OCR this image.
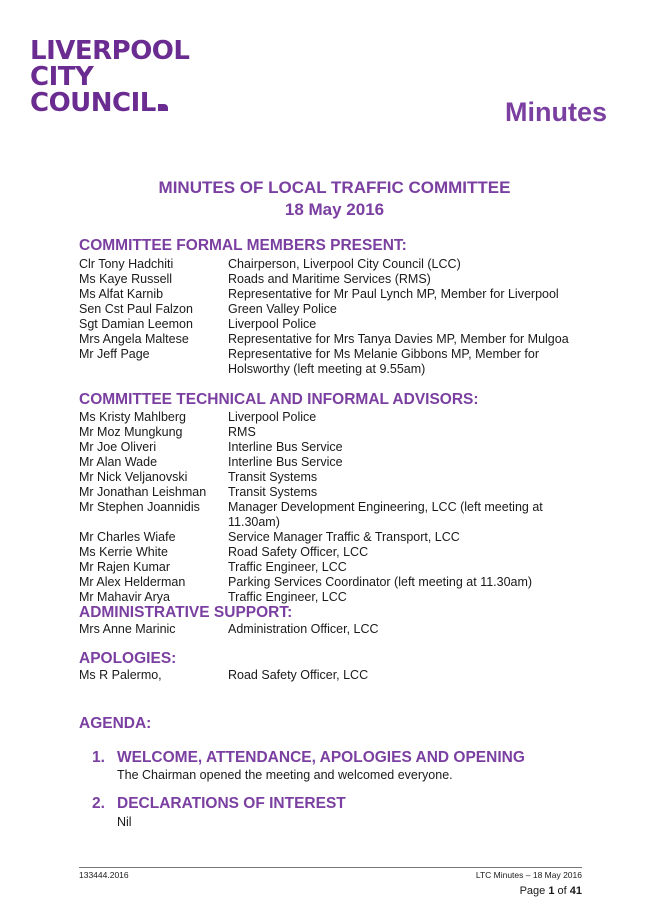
LIVERPOOL
CITY
COUNCIL	Minutes
MINUTES OF LOCAL TRAFFIC COMMITTEE
18 May 2016
COMMITTEE FORMAL MEMBERS PRESENT:
Clr Tony Hadchiti	Chairperson, Liverpool City Council (LCC)
Ms Kaye Russell	Roads and Maritime Services (RMS)
Ms Alfat Karnib	Representative for Mr Paul Lynch MP, Member for Liverpool
Sen Cst Paul Falzon	Green Valley Police
Sgt Damian Leemon	Liverpool Police
Mrs Angela Maltese	Representative for Mrs Tanya Davies MP, Member for Mulgoa
Mr Jeff Page	Representative for Ms Melanie Gibbons MP, Member for Holsworthy (left meeting at 9.55am)
COMMITTEE TECHNICAL AND INFORMAL ADVISORS:
Ms Kristy Mahlberg	Liverpool Police
Mr Moz Mungkung	RMS
Mr Joe Oliveri	Interline Bus Service
Mr Alan Wade	Interline Bus Service
Mr Nick Veljanovski	Transit Systems
Mr Jonathan Leishman	Transit Systems
Mr Stephen Joannidis	Manager Development Engineering, LCC (left meeting at 11.30am)
Mr Charles Wiafe	Service Manager Traffic & Transport, LCC
Ms Kerrie White	Road Safety Officer, LCC
Mr Rajen Kumar	Traffic Engineer, LCC
Mr Alex Helderman	Parking Services Coordinator (left meeting at 11.30am)
Mr Mahavir Arya	Traffic Engineer, LCC
ADMINISTRATIVE SUPPORT:
Mrs Anne Marinic	Administration Officer, LCC
APOLOGIES:
Ms R Palermo,	Road Safety Officer, LCC
AGENDA:
1. WELCOME, ATTENDANCE, APOLOGIES AND OPENING
The Chairman opened the meeting and welcomed everyone.
2. DECLARATIONS OF INTEREST
Nil
133444.2016	LTC Minutes – 18 May 2016
Page 1 of 41
